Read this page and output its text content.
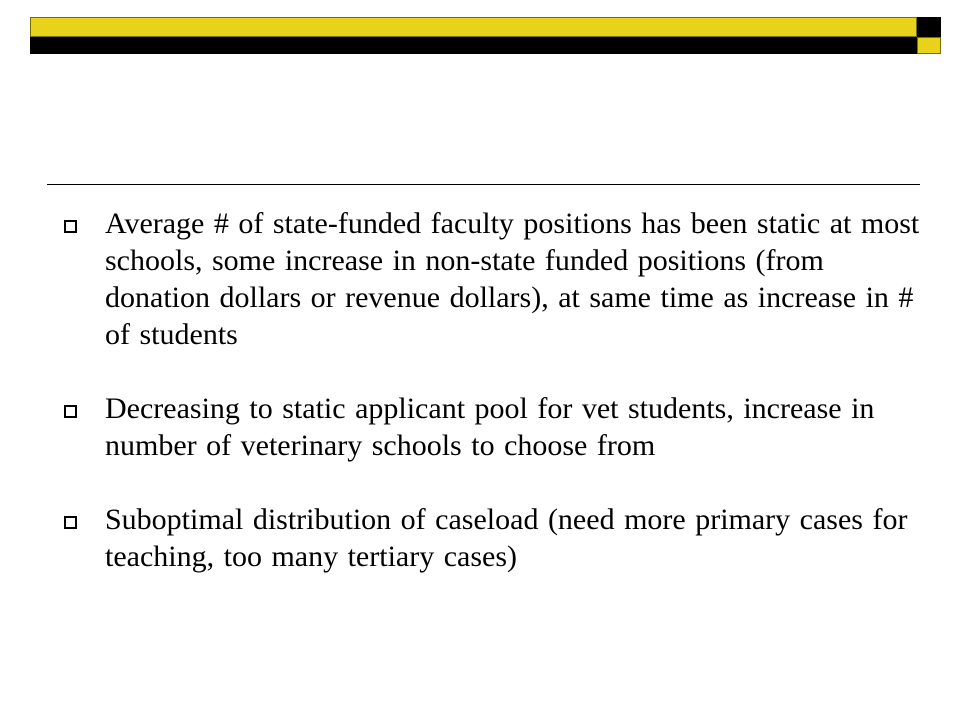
Average # of state-funded faculty positions has been static at most schools, some increase in non-state funded positions (from donation dollars or revenue dollars), at same time as increase in # of students
Decreasing to static applicant pool for vet students, increase in number of veterinary schools to choose from
Suboptimal distribution of caseload (need more primary cases for teaching, too many tertiary cases)
